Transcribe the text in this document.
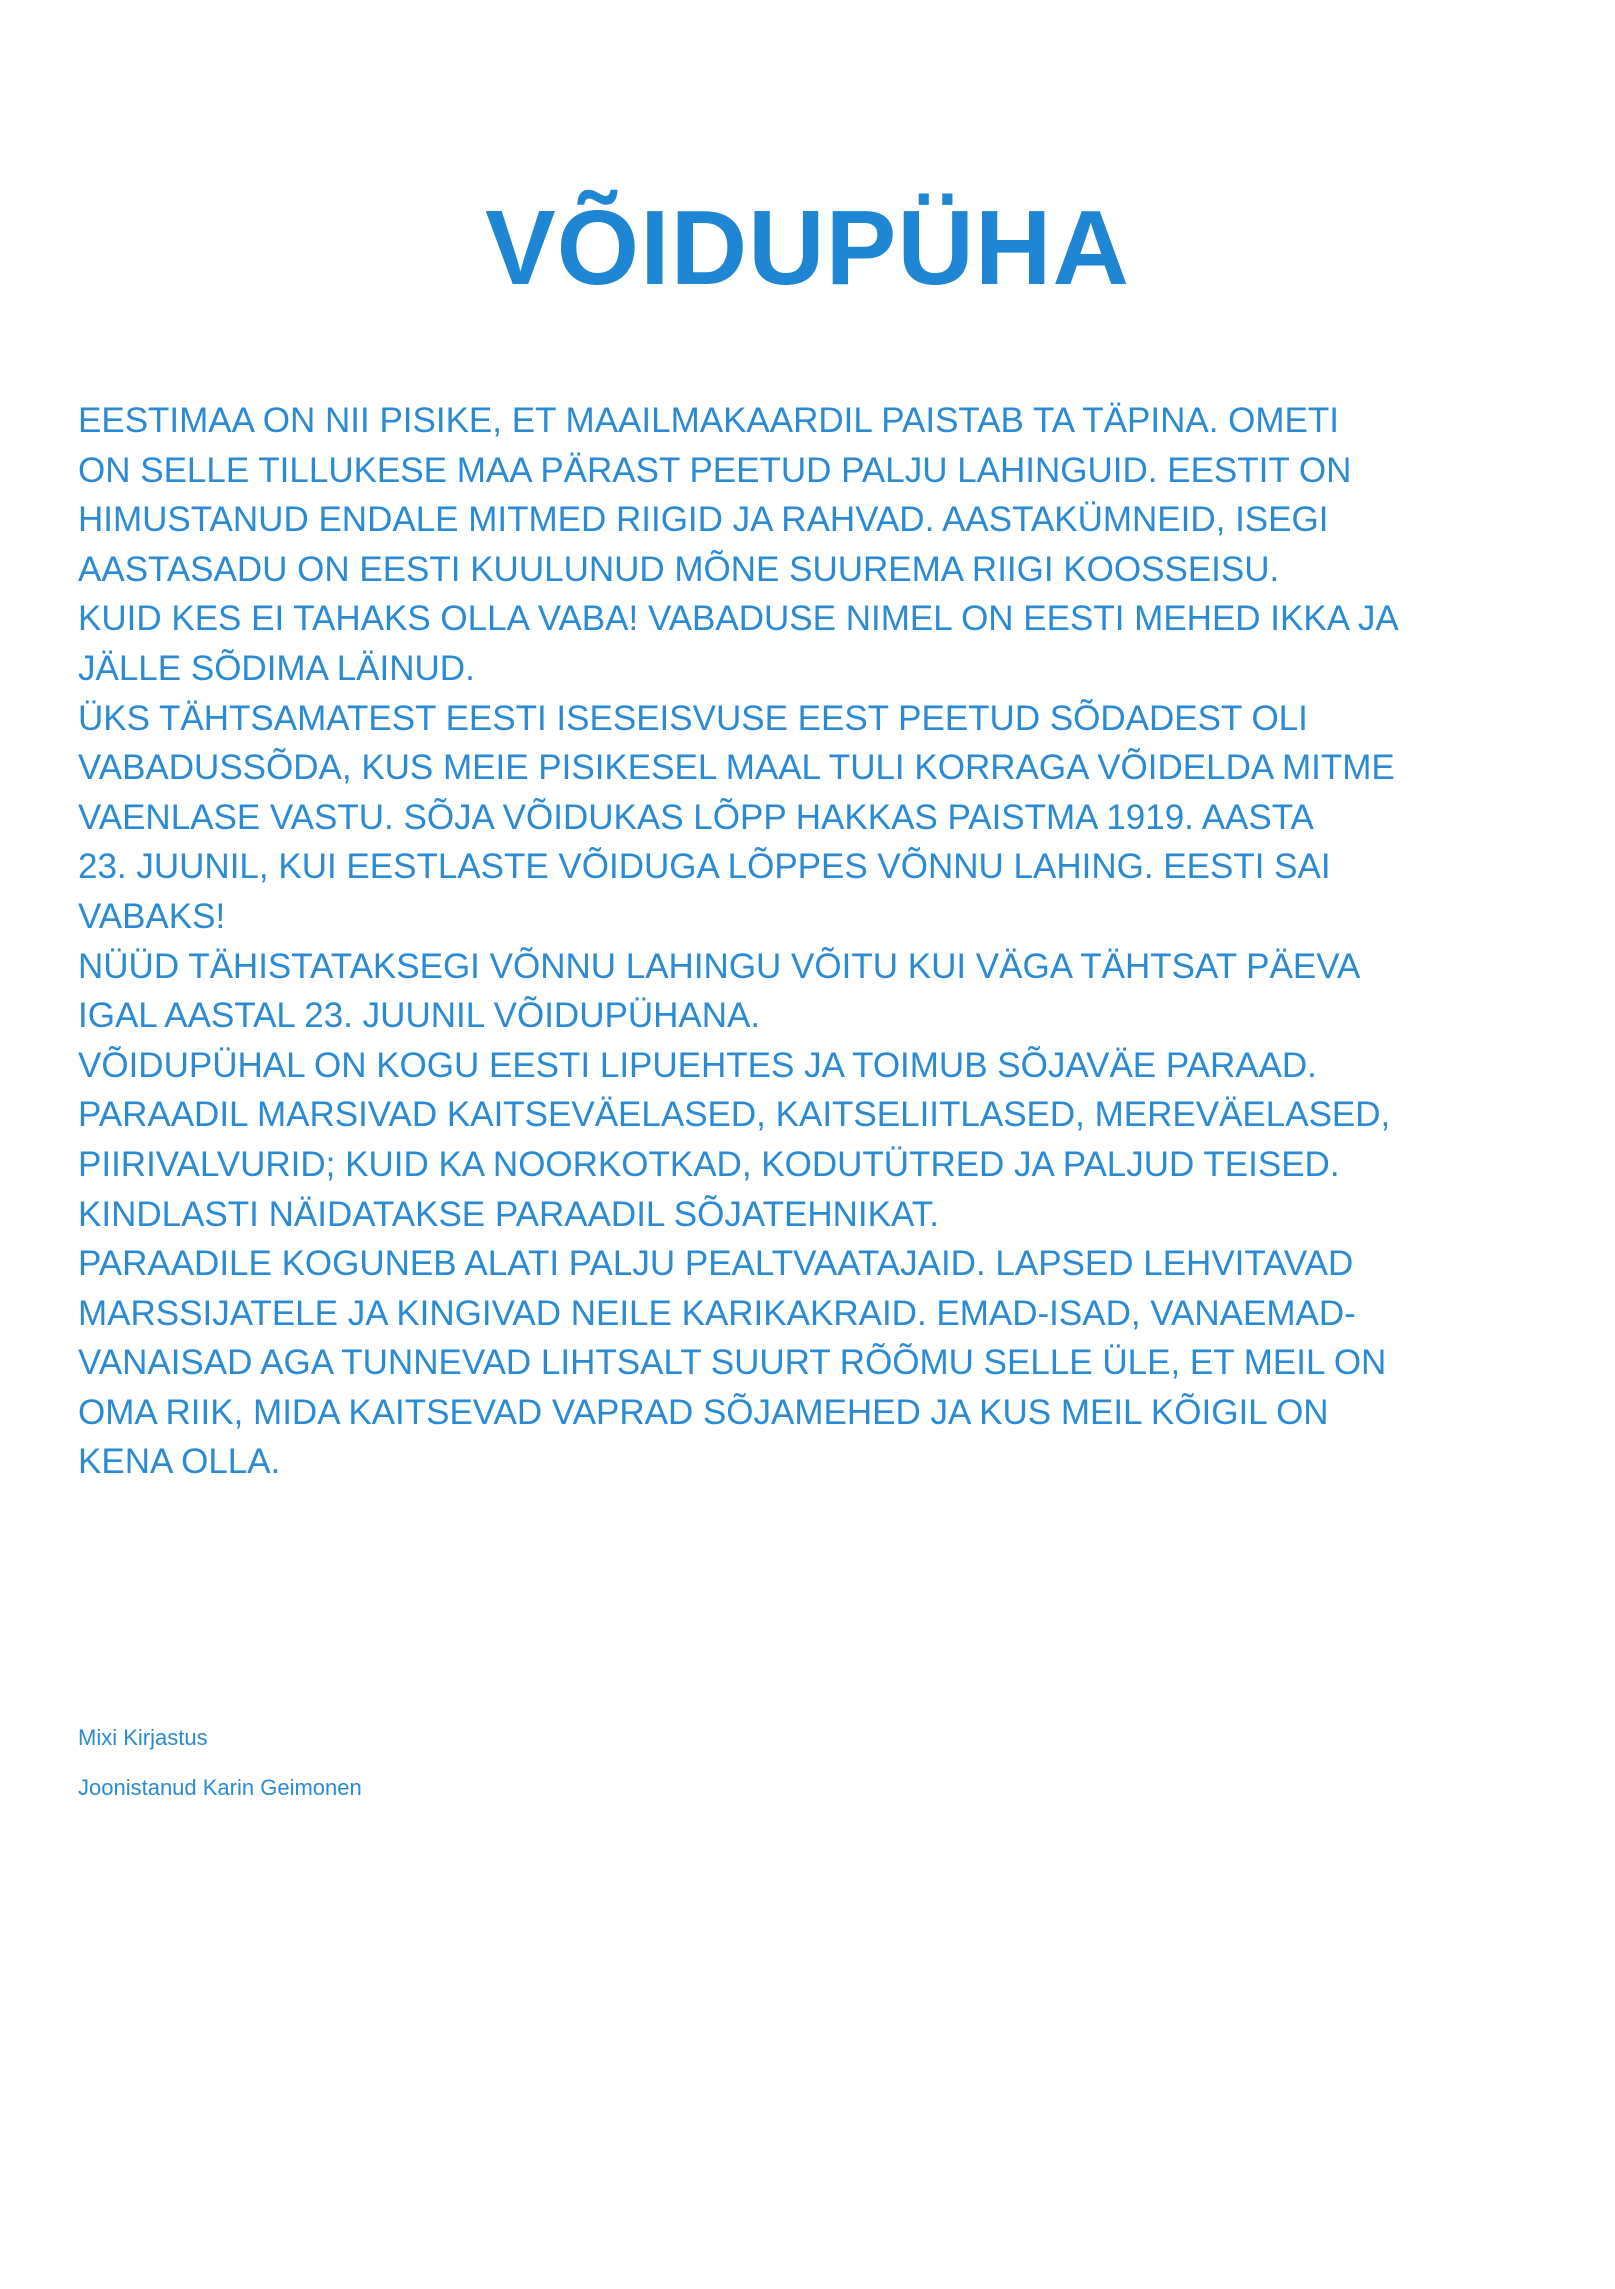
VÕIDUPÜHA
EESTIMAA ON NII PISIKE, ET MAAILMAKAARDIL PAISTAB TA TÄPINA. OMETI
ON SELLE TILLUKESE MAA PÄRAST PEETUD PALJU LAHINGUID. EESTIT ON
HIMUSTANUD ENDALE MITMED RIIGID JA RAHVAD. AASTAKÜMNEID, ISEGI
AASTASADU ON EESTI KUULUNUD MÕNE SUUREMA RIIGI KOOSSEISU.
KUID KES EI TAHAKS OLLA VABA! VABADUSE NIMEL ON EESTI MEHED IKKA JA
JÄLLE SÕDIMA LÄINUD.
ÜKS TÄHTSAMATEST EESTI ISESEISVUSE EEST PEETUD SÕDADEST OLI
VABADUSSÕDA, KUS MEIE PISIKESEL MAAL TULI KORRAGA VÕIDELDA MITME
VAENLASE VASTU. SÕJA VÕIDUKAS LÕPP HAKKAS PAISTMA 1919. AASTA
23. JUUNIL, KUI EESTLASTE VÕIDUGA LÕPPES VÕNNU LAHING. EESTI SAI
VABAKS!
NÜÜD TÄHISTATAKSEGI VÕNNU LAHINGU VÕITU KUI VÄGA TÄHTSAT PÄEVA
IGAL AASTAL 23. JUUNIL VÕIDUPÜHANA.
VÕIDUPÜHAL ON KOGU EESTI LIPUEHTES JA TOIMUB SÕJAVÄE PARAAD.
PARAADIL MARSIVAD KAITSEVÄELASED, KAITSELIITLASED, MEREVÄELASED,
PIIRIVALVURID; KUID KA NOORKOTKAD, KODUTÜTRED JA PALJUD TEISED.
KINDLASTI NÄIDATAKSE PARAADIL SÕJATEHNIKAT.
PARAADILE KOGUNEB ALATI PALJU PEALTVAATAJAID. LAPSED LEHVITAVAD
MARSSIJATELE JA KINGIVAD NEILE KARIKAKRAID. EMAD-ISAD, VANAEMAD-
VANAISAD AGA TUNNEVAD LIHTSALT SUURT RÕÕMU SELLE ÜLE, ET MEIL ON
OMA RIIK, MIDA KAITSEVAD VAPRAD SÕJAMEHED JA KUS MEIL KÕIGIL ON
KENA OLLA.
Mixi Kirjastus
Joonistanud Karin Geimonen
